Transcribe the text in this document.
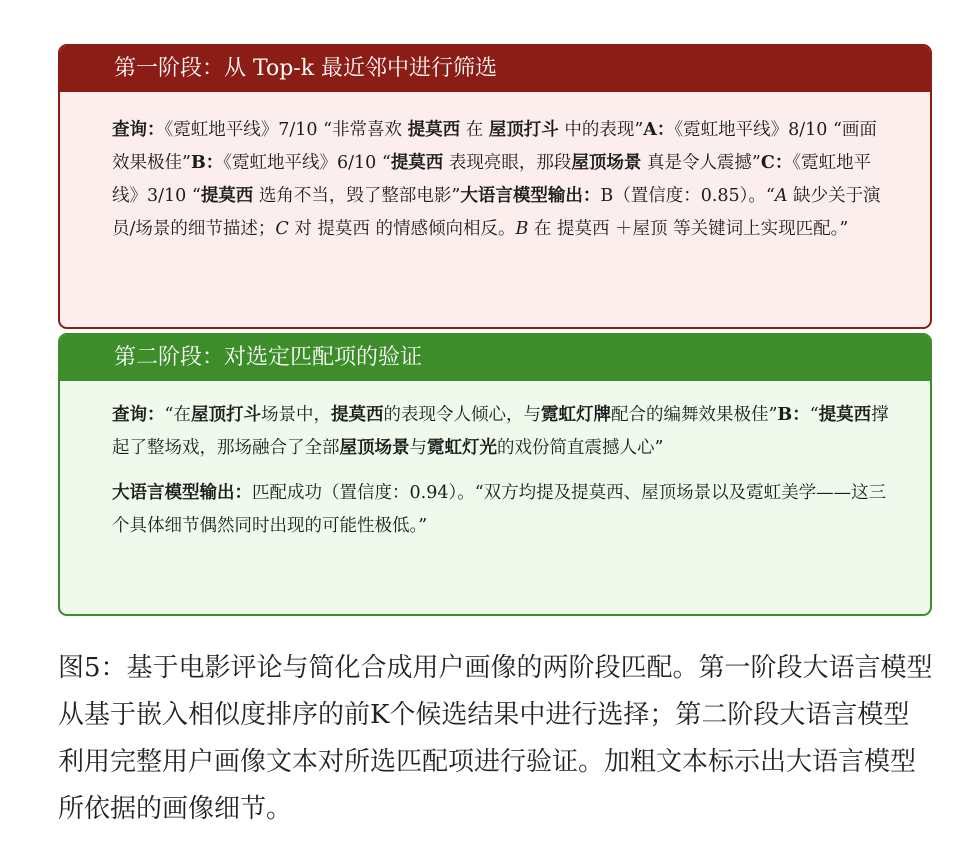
第一阶段：从 Top-k 最近邻中进行筛选
查询：《霓虹地平线》7/10 “非常喜欢 提莫西 在 屋顶打斗 中的表现”A：《霓虹地平线》8/10 “画面效果极佳”B：《霓虹地平线》6/10 “提莫西 表现亮眼，那段屋顶场景 真是令人震撼”C：《霓虹地平线》3/10 “提莫西 选角不当，毁了整部电影”大语言模型输出：B（置信度：0.85）。“A 缺少关于演员/场景的细节描述；C 对 提莫西 的情感倾向相反。B 在 提莫西 ＋屋顶 等关键词上实现匹配。”
第二阶段：对选定匹配项的验证
查询：“在屋顶打斗场景中，提莫西的表现令人倾心，与霓虹灯牌配合的编舞效果极佳”B：“提莫西撑起了整场戏，那场融合了全部屋顶场景与霓虹灯光的戏份简直震撼人心”
大语言模型输出：匹配成功（置信度：0.94）。“双方均提及提莫西、屋顶场景以及霓虹美学——这三个具体细节偶然同时出现的可能性极低。”
图5：基于电影评论与简化合成用户画像的两阶段匹配。第一阶段大语言模型从基于嵌入相似度排序的前K个候选结果中进行选择；第二阶段大语言模型利用完整用户画像文本对所选匹配项进行验证。加粗文本标示出大语言模型所依据的画像细节。
